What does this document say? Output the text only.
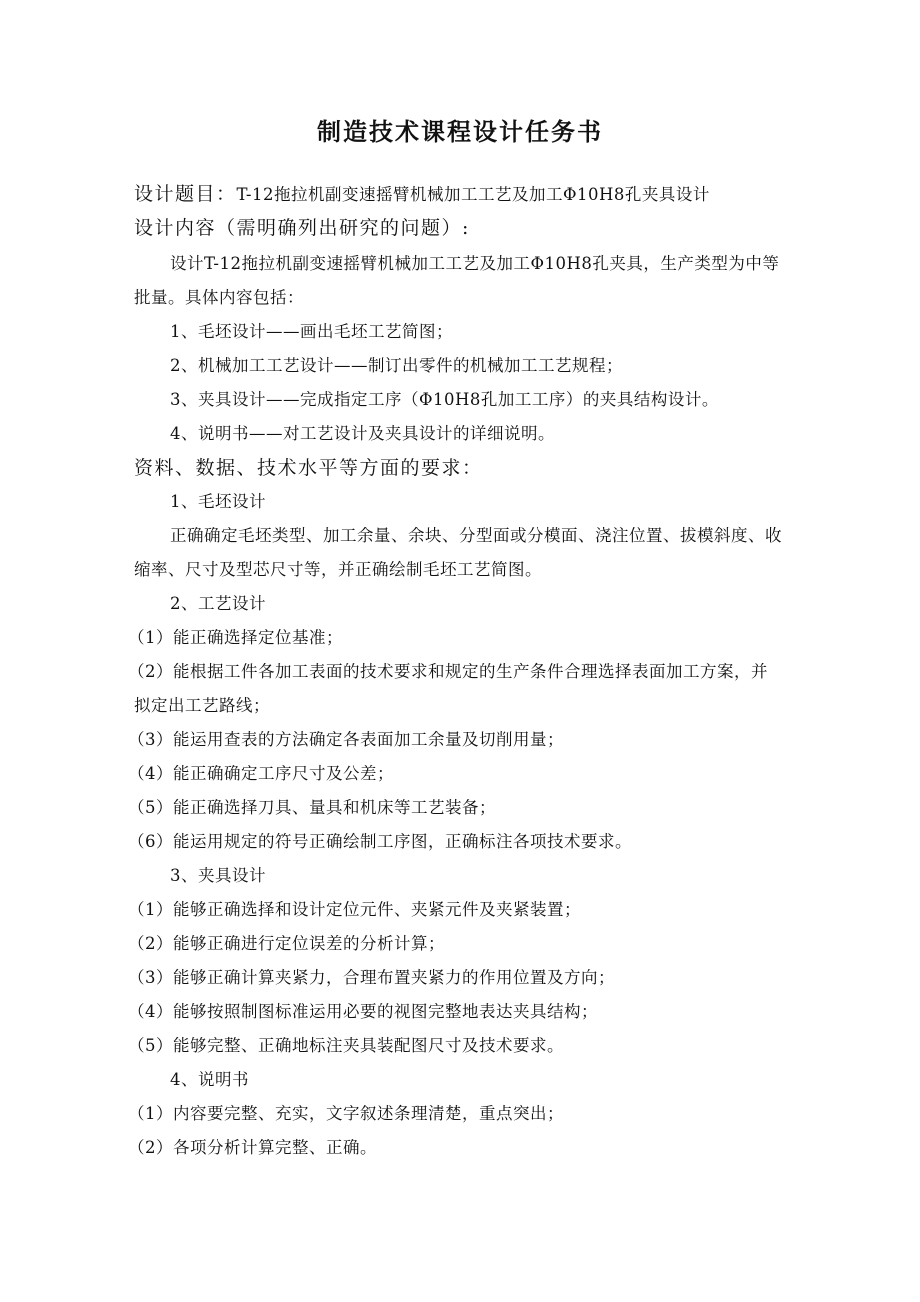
制造技术课程设计任务书
设计题目：T-12拖拉机副变速摇臂机械加工工艺及加工Φ10H8孔夹具设计
设计内容（需明确列出研究的问题）:
设计T-12拖拉机副变速摇臂机械加工工艺及加工Φ10H8孔夹具，生产类型为中等
批量。具体内容包括：
1、毛坯设计——画出毛坯工艺简图；
2、机械加工工艺设计——制订出零件的机械加工工艺规程；
3、夹具设计——完成指定工序（Φ10H8孔加工工序）的夹具结构设计。
4、说明书——对工艺设计及夹具设计的详细说明。
资料、数据、技术水平等方面的要求：
1、毛坯设计
正确确定毛坯类型、加工余量、余块、分型面或分模面、浇注位置、拔模斜度、收
缩率、尺寸及型芯尺寸等，并正确绘制毛坯工艺简图。
2、工艺设计
（1）能正确选择定位基准；
（2）能根据工件各加工表面的技术要求和规定的生产条件合理选择表面加工方案，并
拟定出工艺路线；
（3）能运用查表的方法确定各表面加工余量及切削用量；
（4）能正确确定工序尺寸及公差；
（5）能正确选择刀具、量具和机床等工艺装备；
（6）能运用规定的符号正确绘制工序图，正确标注各项技术要求。
3、夹具设计
（1）能够正确选择和设计定位元件、夹紧元件及夹紧装置；
（2）能够正确进行定位误差的分析计算；
（3）能够正确计算夹紧力，合理布置夹紧力的作用位置及方向；
（4）能够按照制图标准运用必要的视图完整地表达夹具结构；
（5）能够完整、正确地标注夹具装配图尺寸及技术要求。
4、说明书
（1）内容要完整、充实，文字叙述条理清楚，重点突出；
（2）各项分析计算完整、正确。
